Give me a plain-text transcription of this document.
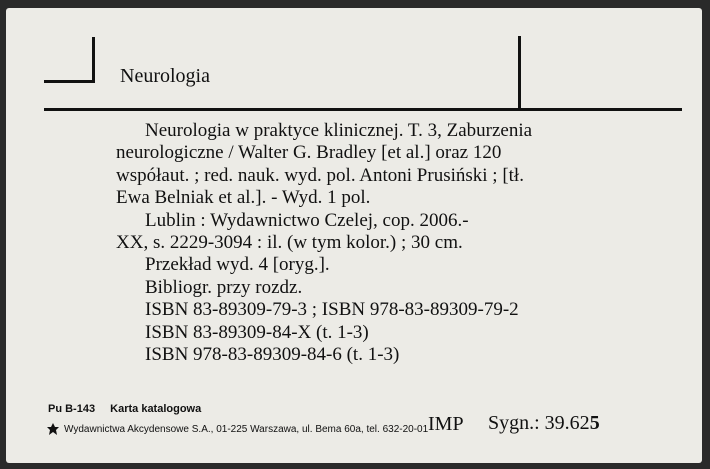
Neurologia
Neurologia w praktyce klinicznej. T. 3, Zaburzenia
neurologiczne / Walter G. Bradley [et al.] oraz 120
współaut. ; red. nauk. wyd. pol. Antoni Prusiński ; [tł.
Ewa Belniak et al.]. - Wyd. 1 pol.
Lublin : Wydawnictwo Czelej, cop. 2006.-
XX, s. 2229-3094 : il. (w tym kolor.) ; 30 cm.
Przekład wyd. 4 [oryg.].
Bibliogr. przy rozdz.
ISBN 83-89309-79-3 ; ISBN 978-83-89309-79-2
ISBN 83-89309-84-X (t. 1-3)
ISBN 978-83-89309-84-6 (t. 1-3)
Pu B-143 Karta katalogowa
Wydawnictwa Akcydensowe S.A., 01-225 Warszawa, ul. Bema 60a, tel. 632-20-01 IMP Sygn.: 39.625
